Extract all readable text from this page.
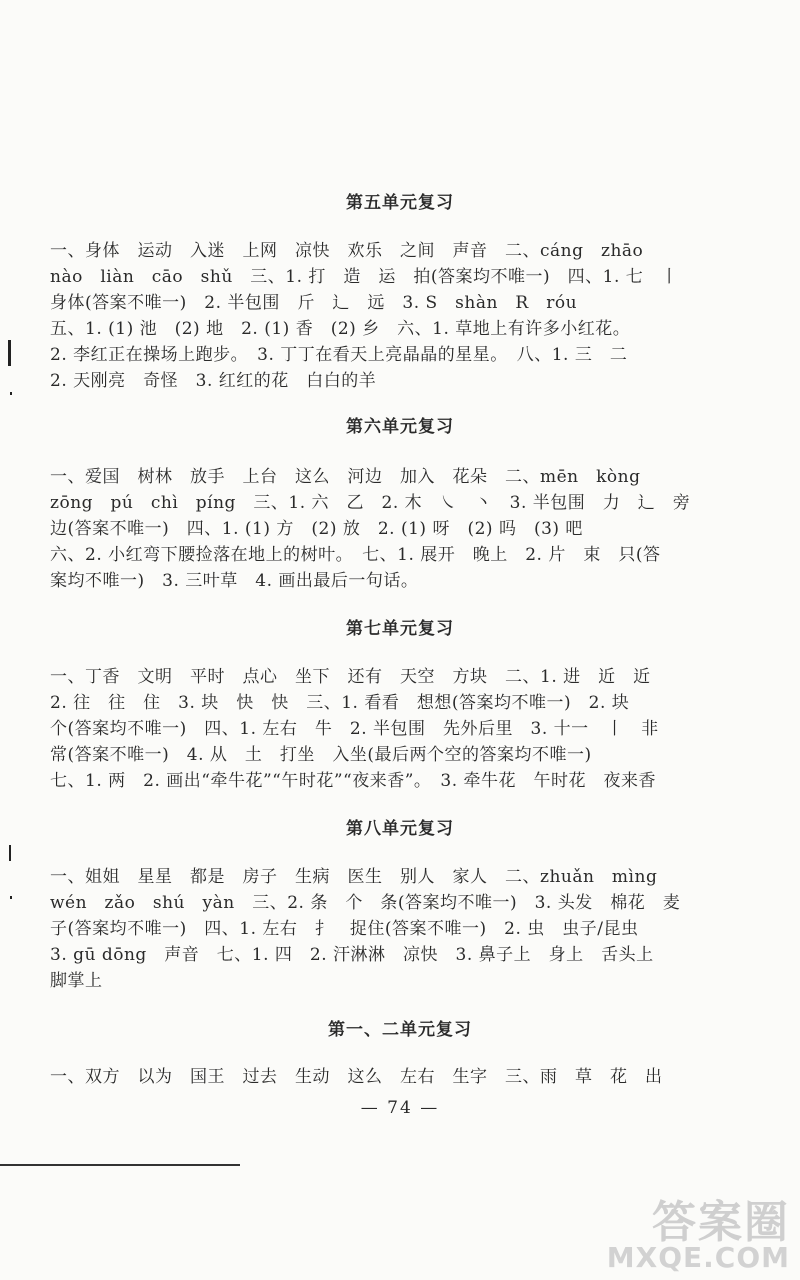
第五单元复习
一、身体　运动　入迷　上网　凉快　欢乐　之间　声音　二、cáng　zhāo
nào　liàn　cāo　shǔ　三、1. 打　造　运　拍(答案均不唯一)　四、1. 七　丨
身体(答案不唯一)　2. 半包围　斤　辶　远　3. S　shàn　R　róu
五、1. (1) 池　(2) 地　2. (1) 香　(2) 乡　六、1. 草地上有许多小红花。
2. 李红正在操场上跑步。　3. 丁丁在看天上亮晶晶的星星。　八、1. 三　二
2. 天刚亮　奇怪　3. 红红的花　白白的羊
第六单元复习
一、爱国　树林　放手　上台　这么　河边　加入　花朵　二、mēn　kòng
zōng　pú　chì　píng　三、1. 六　乙　2. 木　㇏　丶　3. 半包围　力　辶　旁
边(答案不唯一)　四、1. (1) 方　(2) 放　2. (1) 呀　(2) 吗　(3) 吧
六、2. 小红弯下腰捡落在地上的树叶。　七、1. 展开　晚上　2. 片　束　只(答
案均不唯一)　3. 三叶草　4. 画出最后一句话。
第七单元复习
一、丁香　文明　平时　点心　坐下　还有　天空　方块　二、1. 进　近　近
2. 往　往　住　3. 块　快　快　三、1. 看看　想想(答案均不唯一)　2. 块
个(答案均不唯一)　四、1. 左右　牛　2. 半包围　先外后里　3. 十一　丨　非
常(答案不唯一)　4. 从　土　打坐　入坐(最后两个空的答案均不唯一)
七、1. 两　2. 画出“牵牛花”“午时花”“夜来香”。　3. 牵牛花　午时花　夜来香
第八单元复习
一、姐姐　星星　都是　房子　生病　医生　别人　家人　二、zhuǎn　mìng
wén　zǎo　shú　yàn　三、2. 条　个　条(答案均不唯一)　3. 头发　棉花　麦
子(答案均不唯一)　四、1. 左右　扌　捉住(答案不唯一)　2. 虫　虫子/昆虫
3. gū dōng　声音　七、1. 四　2. 汗淋淋　凉快　3. 鼻子上　身上　舌头上
脚掌上
第一、二单元复习
一、双方　以为　国王　过去　生动　这么　左右　生字　三、雨　草　花　出
— 74 —
答案圈
MXQE.COM
